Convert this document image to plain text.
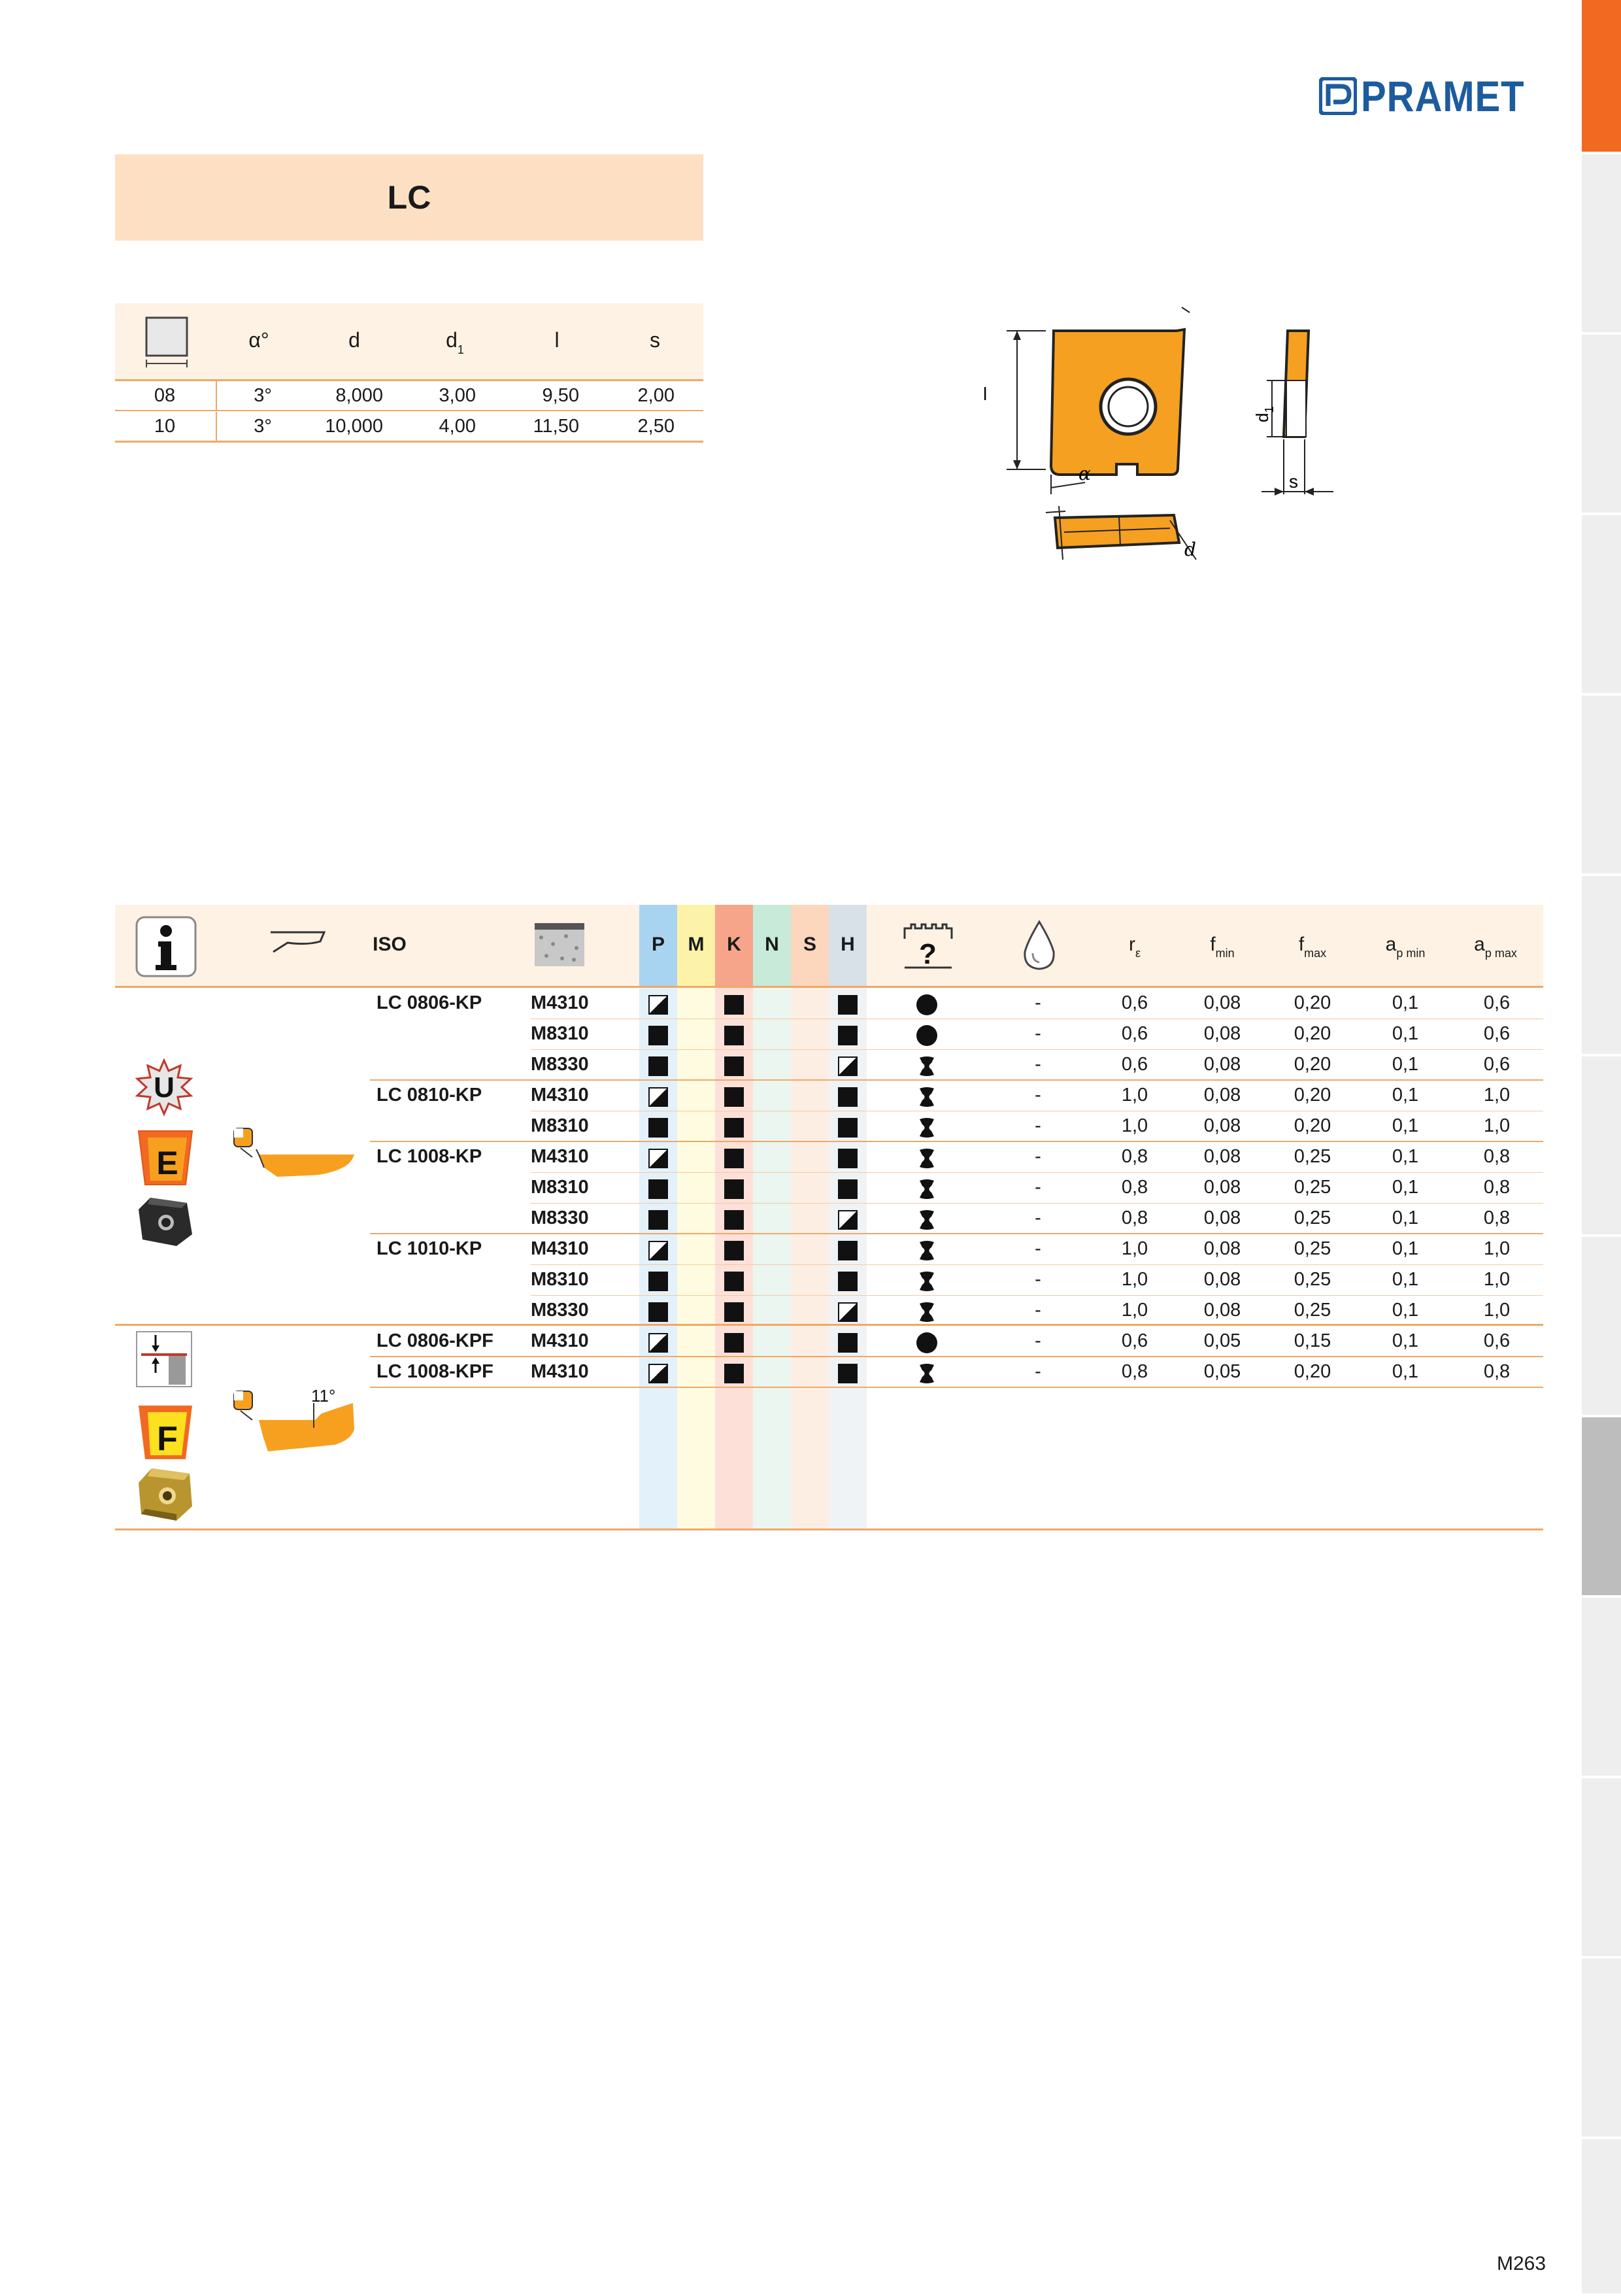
PRAMET
LC
α°	d	$d_1$	l	s
08	3°	8,000	3,00	9,50	2,00
10	3°	10,000	4,00	11,50	2,50
l
α
$d_1$
s
d
ISO	P M K N S H ?	$r_\varepsilon$	$f_{min}$	$f_{max}$	$a_{p min}$ $a_{p max}$
LC 0806-KP	M4310	-	0,6	0,08	0,20	0,1	0,6
M8310	-	0,6	0,08	0,20	0,1	0,6
M8330	-	0,6	0,08	0,20	0,1	0,6
LC 0810-KP	M4310	-	1,0	0,08	0,20	0,1	1,0
M8310	-	1,0	0,08	0,20	0,1	1,0
LC 1008-KP	M4310	-	0,8	0,08	0,25	0,1	0,8
M8310	-	0,8	0,08	0,25	0,1	0,8
M8330	-	0,8	0,08	0,25	0,1	0,8
LC 1010-KP	M4310	-	1,0	0,08	0,25	0,1	1,0
M8310	-	1,0	0,08	0,25	0,1	1,0
M8330	-	1,0	0,08	0,25	0,1	1,0
LC 0806-KPF M4310	-	0,6	0,05	0,15	0,1	0,6
LC 1008-KPF M4310	-	0,8	0,05	0,20	0,1	0,8
U
E
F
11°
M263
